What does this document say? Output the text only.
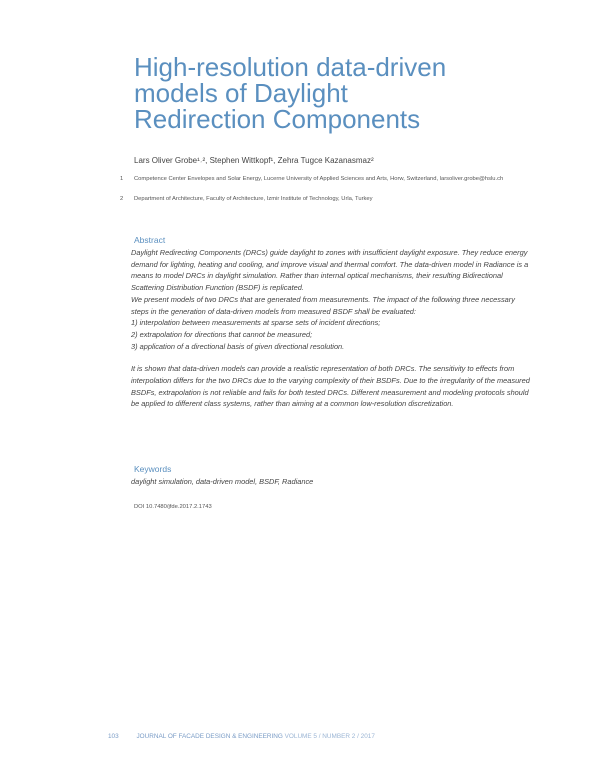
High-resolution data-driven
models of Daylight
Redirection Components
Lars Oliver Grobe¹˒², Stephen Wittkopf¹, Zehra Tugce Kazanasmaz²
1 Competence Center Envelopes and Solar Energy, Lucerne University of Applied Sciences and Arts, Horw, Switzerland, larsoliver.grobe@hslu.ch
2 Department of Architecture, Faculty of Architecture, Izmir Institute of Technology, Urla, Turkey
Abstract

Daylight Redirecting Components (DRCs) guide daylight to zones with insufficient daylight exposure. They reduce energy demand for lighting, heating and cooling, and improve visual and thermal comfort. The data-driven model in Radiance is a means to model DRCs in daylight simulation. Rather than internal optical mechanisms, their resulting Bidirectional Scattering Distribution Function (BSDF) is replicated.

We present models of two DRCs that are generated from measurements. The impact of the following three necessary steps in the generation of data-driven models from measured BSDF shall be evaluated:

1) interpolation between measurements at sparse sets of incident directions;

2) extrapolation for directions that cannot be measured;

3) application of a directional basis of given directional resolution.

It is shown that data-driven models can provide a realistic representation of both DRCs. The sensitivity to effects from interpolation differs for the two DRCs due to the varying complexity of their BSDFs. Due to the irregularity of the measured BSDFs, extrapolation is not reliable and fails for both tested DRCs. Different measurement and modeling protocols should be applied to different class systems, rather than aiming at a common low-resolution discretization.

Keywords
daylight simulation, data-driven model, BSDF, Radiance
DOI 10.7480/jfde.2017.2.1743
103	JOURNAL OF FACADE DESIGN & ENGINEERING VOLUME 5 / NUMBER 2 / 2017
